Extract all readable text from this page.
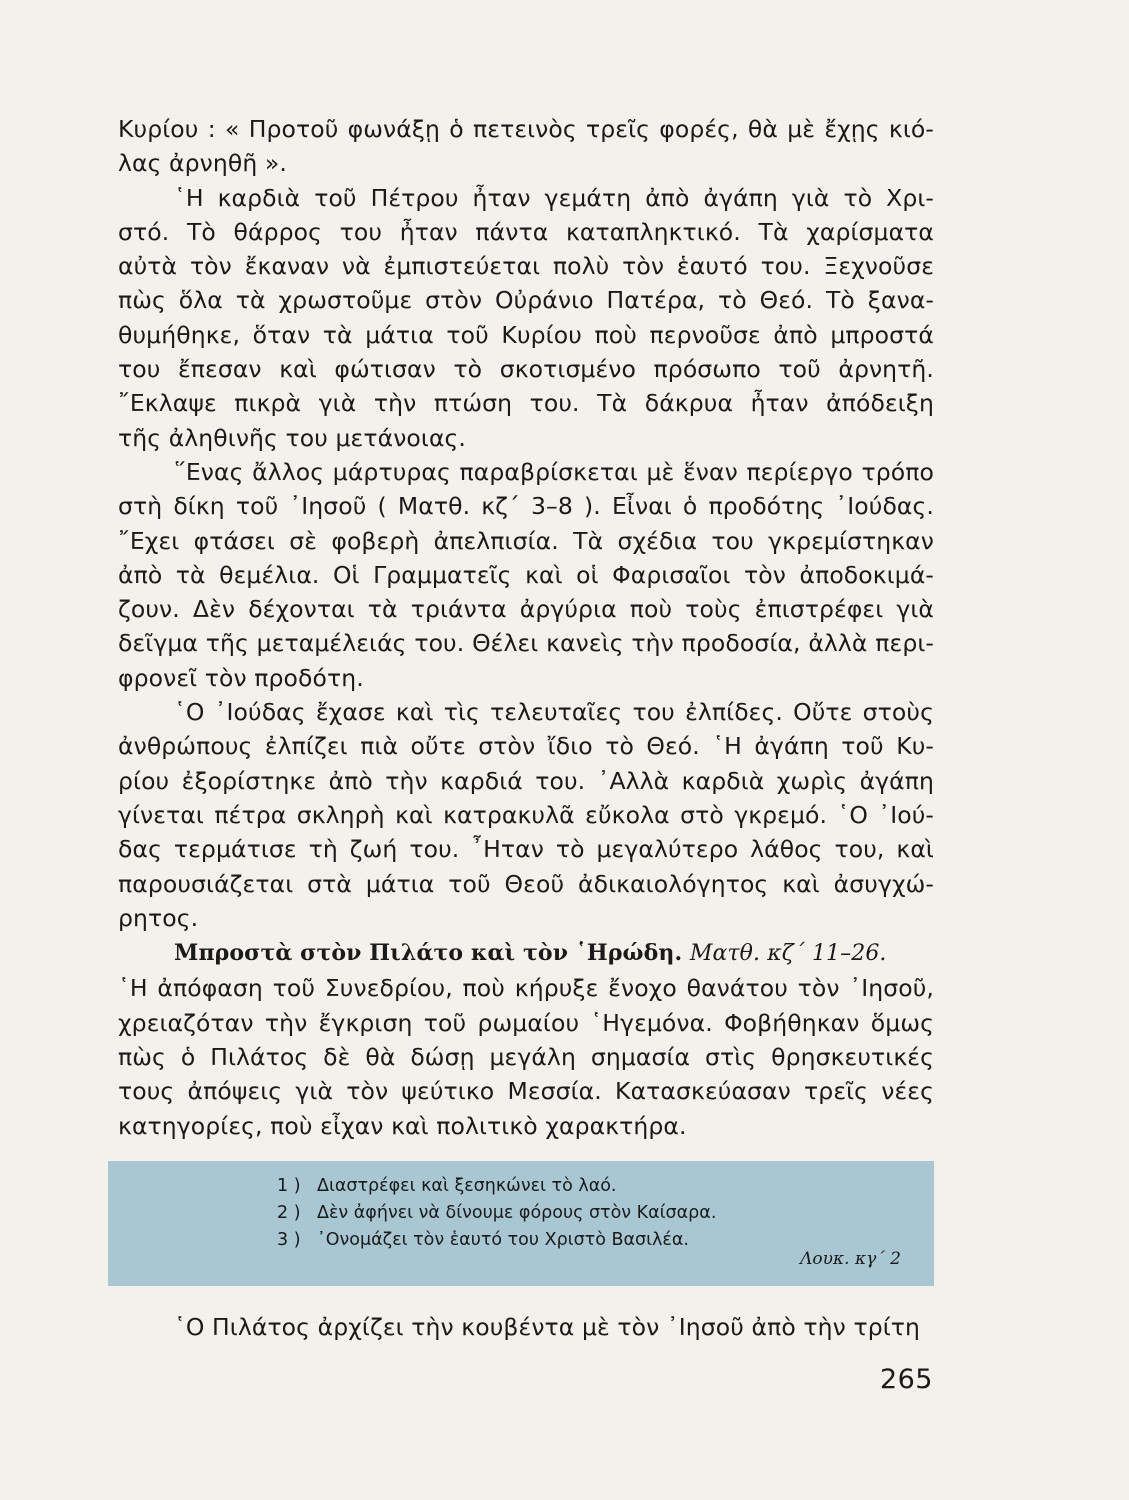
Κυρίου : « Προτοῦ φωνάξῃ ὁ πετεινὸς τρεῖς φορές, θὰ μὲ ἔχῃς κιό-
λας ἀρνηθῆ ».
῾Η καρδιὰ τοῦ Πέτρου ἦταν γεμάτη ἀπὸ ἀγάπη γιὰ τὸ Χρι-
στό. Τὸ θάρρος του ἦταν πάντα καταπληκτικό. Τὰ χαρίσματα
αὐτὰ τὸν ἔκαναν νὰ ἐμπιστεύεται πολὺ τὸν ἑαυτό του. Ξεχνοῦσε
πὼς ὅλα τὰ χρωστοῦμε στὸν Οὐράνιο Πατέρα, τὸ Θεό. Τὸ ξανα-
θυμήθηκε, ὅταν τὰ μάτια τοῦ Κυρίου ποὺ περνοῦσε ἀπὸ μπροστά
του ἔπεσαν καὶ φώτισαν τὸ σκοτισμένο πρόσωπο τοῦ ἀρνητῆ.
῎Εκλαψε πικρὰ γιὰ τὴν πτώση του. Τὰ δάκρυα ἦταν ἀπόδειξη
τῆς ἀληθινῆς του μετάνοιας.
῞Ενας ἄλλος μάρτυρας παραβρίσκεται μὲ ἕναν περίεργο τρόπο
στὴ δίκη τοῦ ᾿Ιησοῦ ( Ματθ. κζ΄ 3–8 ). Εἶναι ὁ προδότης ᾿Ιούδας.
῎Εχει φτάσει σὲ φοβερὴ ἀπελπισία. Τὰ σχέδια του γκρεμίστηκαν
ἀπὸ τὰ θεμέλια. Οἱ Γραμματεῖς καὶ οἱ Φαρισαῖοι τὸν ἀποδοκιμά-
ζουν. Δὲν δέχονται τὰ τριάντα ἀργύρια ποὺ τοὺς ἐπιστρέφει γιὰ
δεῖγμα τῆς μεταμέλειάς του. Θέλει κανεὶς τὴν προδοσία, ἀλλὰ περι-
φρονεῖ τὸν προδότη.
῾Ο ᾿Ιούδας ἔχασε καὶ τὶς τελευταῖες του ἐλπίδες. Οὔτε στοὺς
ἀνθρώπους ἐλπίζει πιὰ οὔτε στὸν ἴδιο τὸ Θεό. ῾Η ἀγάπη τοῦ Κυ-
ρίου ἐξορίστηκε ἀπὸ τὴν καρδιά του. ᾿Αλλὰ καρδιὰ χωρὶς ἀγάπη
γίνεται πέτρα σκληρὴ καὶ κατρακυλᾶ εὔκολα στὸ γκρεμό. ῾Ο ᾿Ιού-
δας τερμάτισε τὴ ζωή του. ῏Ηταν τὸ μεγαλύτερο λάθος του, καὶ
παρουσιάζεται στὰ μάτια τοῦ Θεοῦ ἀδικαιολόγητος καὶ ἀσυγχώ-
ρητος.
Μπροστὰ στὸν Πιλάτο καὶ τὸν ῾Ηρώδη. Ματθ. κζ΄ 11–26.
῾Η ἀπόφαση τοῦ Συνεδρίου, ποὺ κήρυξε ἔνοχο θανάτου τὸν ᾿Ιησοῦ,
χρειαζόταν τὴν ἔγκριση τοῦ ρωμαίου ῾Ηγεμόνα. Φοβήθηκαν ὅμως
πὼς ὁ Πιλάτος δὲ θὰ δώσῃ μεγάλη σημασία στὶς θρησκευτικές
τους ἀπόψεις γιὰ τὸν ψεύτικο Μεσσία. Κατασκεύασαν τρεῖς νέες
κατηγορίες, ποὺ εἶχαν καὶ πολιτικὸ χαρακτήρα.
1 ) Διαστρέφει καὶ ξεσηκώνει τὸ λαό.
2 ) Δὲν ἀφήνει νὰ δίνουμε φόρους στὸν Καίσαρα.
3 ) ᾿Ονομάζει τὸν ἑαυτό του Χριστὸ Βασιλέα.
Λουκ. κγ΄ 2
῾Ο Πιλάτος ἀρχίζει τὴν κουβέντα μὲ τὸν ᾿Ιησοῦ ἀπὸ τὴν τρίτη
265
